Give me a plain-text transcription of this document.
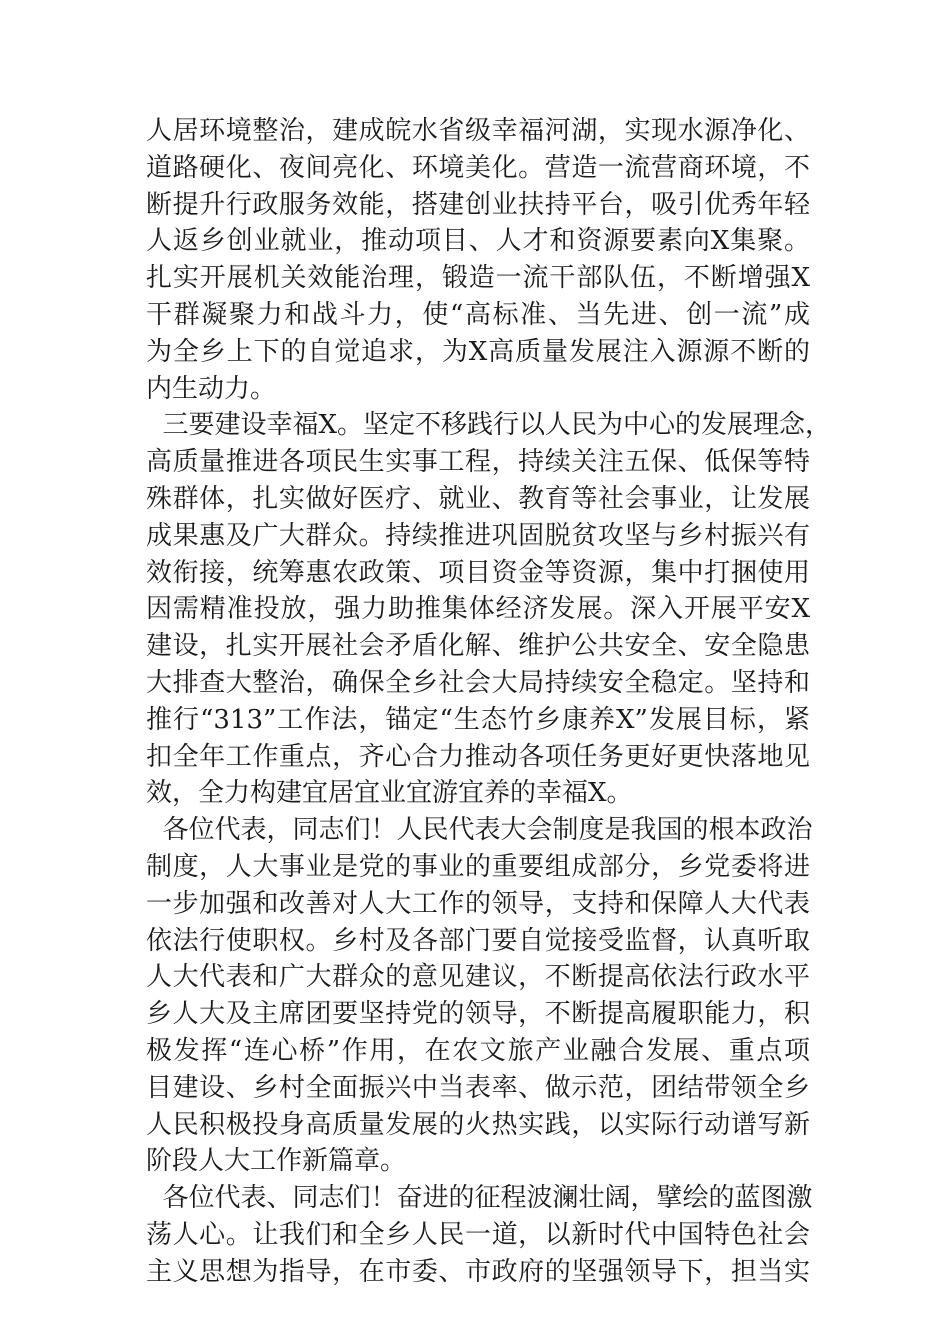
人居环境整治，建成皖水省级幸福河湖，实现水源净化、
道路硬化、夜间亮化、环境美化。营造一流营商环境，不
断提升行政服务效能，搭建创业扶持平台，吸引优秀年轻
人返乡创业就业，推动项目、人才和资源要素向X集聚。
扎实开展机关效能治理，锻造一流干部队伍，不断增强X
干群凝聚力和战斗力，使“高标准、当先进、创一流”成
为全乡上下的自觉追求，为X高质量发展注入源源不断的
内生动力。
三要建设幸福X。坚定不移践行以人民为中心的发展理念，
高质量推进各项民生实事工程，持续关注五保、低保等特
殊群体，扎实做好医疗、就业、教育等社会事业，让发展
成果惠及广大群众。持续推进巩固脱贫攻坚与乡村振兴有
效衔接，统筹惠农政策、项目资金等资源，集中打捆使用
因需精准投放，强力助推集体经济发展。深入开展平安X
建设，扎实开展社会矛盾化解、维护公共安全、安全隐患
大排查大整治，确保全乡社会大局持续安全稳定。坚持和
推行“313”工作法，锚定“生态竹乡康养X”发展目标，紧
扣全年工作重点，齐心合力推动各项任务更好更快落地见
效，全力构建宜居宜业宜游宜养的幸福X。
各位代表，同志们！人民代表大会制度是我国的根本政治
制度，人大事业是党的事业的重要组成部分，乡党委将进
一步加强和改善对人大工作的领导，支持和保障人大代表
依法行使职权。乡村及各部门要自觉接受监督，认真听取
人大代表和广大群众的意见建议，不断提高依法行政水平
乡人大及主席团要坚持党的领导，不断提高履职能力，积
极发挥“连心桥”作用，在农文旅产业融合发展、重点项
目建设、乡村全面振兴中当表率、做示范，团结带领全乡
人民积极投身高质量发展的火热实践，以实际行动谱写新
阶段人大工作新篇章。
各位代表、同志们！奋进的征程波澜壮阔，擘绘的蓝图激
荡人心。让我们和全乡人民一道，以新时代中国特色社会
主义思想为指导，在市委、市政府的坚强领导下，担当实
